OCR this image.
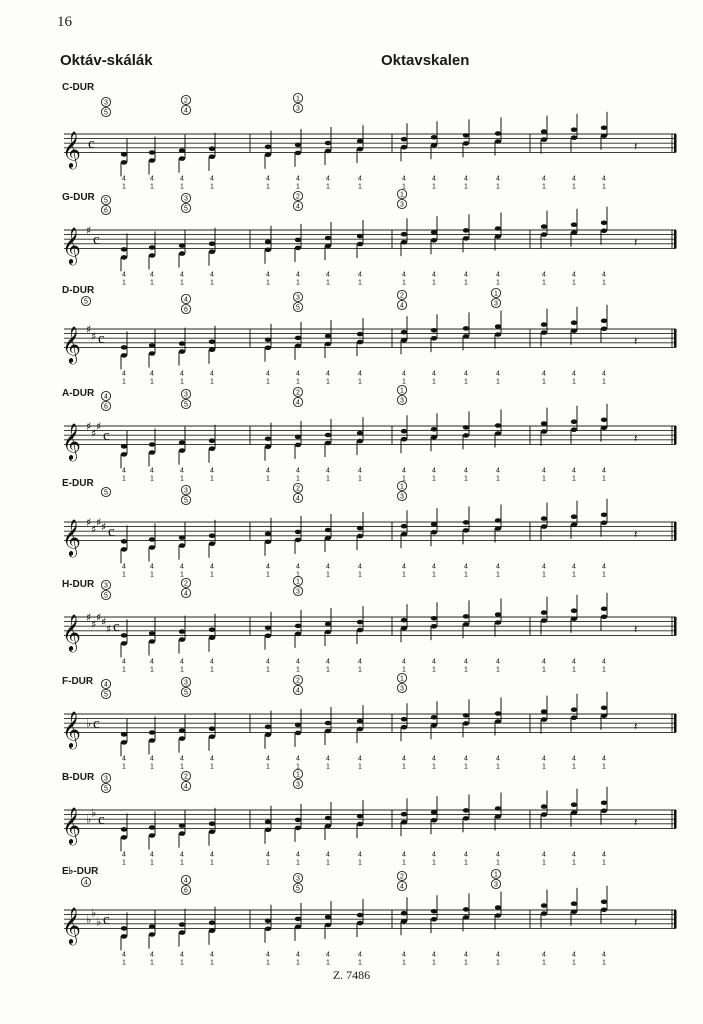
16
Oktáv-skálák	Oktavskalen
C-DUR
𝄞 c
4
1
4
1
4
1
4
1
4
1
4
1
4
1
4
1
4
1
4
1
4
1
4
1
4
1
4
1
4
1
𝄽
3
5
2
4
1
3
G-DUR
𝄞 ♯
c
4
1
4
1
4
1
4
1
4
1
4
1
4
1
4
1
4
1
4
1
4
1
4
1
4
1
4
1
4
1
𝄽
5
6
3
5
2
4
1
3
D-DUR
𝄞 ♯
♯ c
4
1
4
1
4
1
4
1
4
1
4
1
4
1
4
1
4
1
4
1
4
1
4
1
4
1
4
1
4
1
𝄽
5	4
6
3
5
2
4
1
3
A-DUR
𝄞 ♯
♯
♯
c
4
1
4
1
4
1
4
1
4
1
4
1
4
1
4
1
4
1
4
1
4
1
4
1
4
1
4
1
4
1
𝄽
4
6
3
5
2
4
1
3
E-DUR
𝄞 ♯
♯
♯ ♯ c
4
1
4
1
4
1
4
1
4
1
4
1
4
1
4
1
4
1
4
1
4
1
4
1
4
1
4
1
4
1
𝄽
5	3
5
2
4
1
3
H-DUR
𝄞 ♯
♯
♯ ♯
♯ c
4
1
4
1
4
1
4
1
4
1
4
1
4
1
4
1
4
1
4
1
4
1
4
1
4
1
4
1
4
1
𝄽
3
5
2
4
1
3
F-DUR
𝄞 ♭ c
4
1
4
1
4
1
4
1
4
1
4
1
4
1
4
1
4
1
4
1
4
1
4
1
4
1
4
1
4
1
𝄽
4
5
3
5
2
4
1
3
B-DUR
𝄞 ♭
♭ c
4
1
4
1
4
1
4
1
4
1
4
1
4
1
4
1
4
1
4
1
4
1
4
1
4
1
4
1
4
1
𝄽
3
5
2
4
1
3
E♭-DUR
𝄞 ♭
♭
♭ c
4
1
4
1
4
1
4
1
4
1
4
1
4
1
4
1
4
1
4
1
4
1
4
1
4
1
4
1
4
1
𝄽
4	4
6
3
5
2
4
1
3
Z. 7486
